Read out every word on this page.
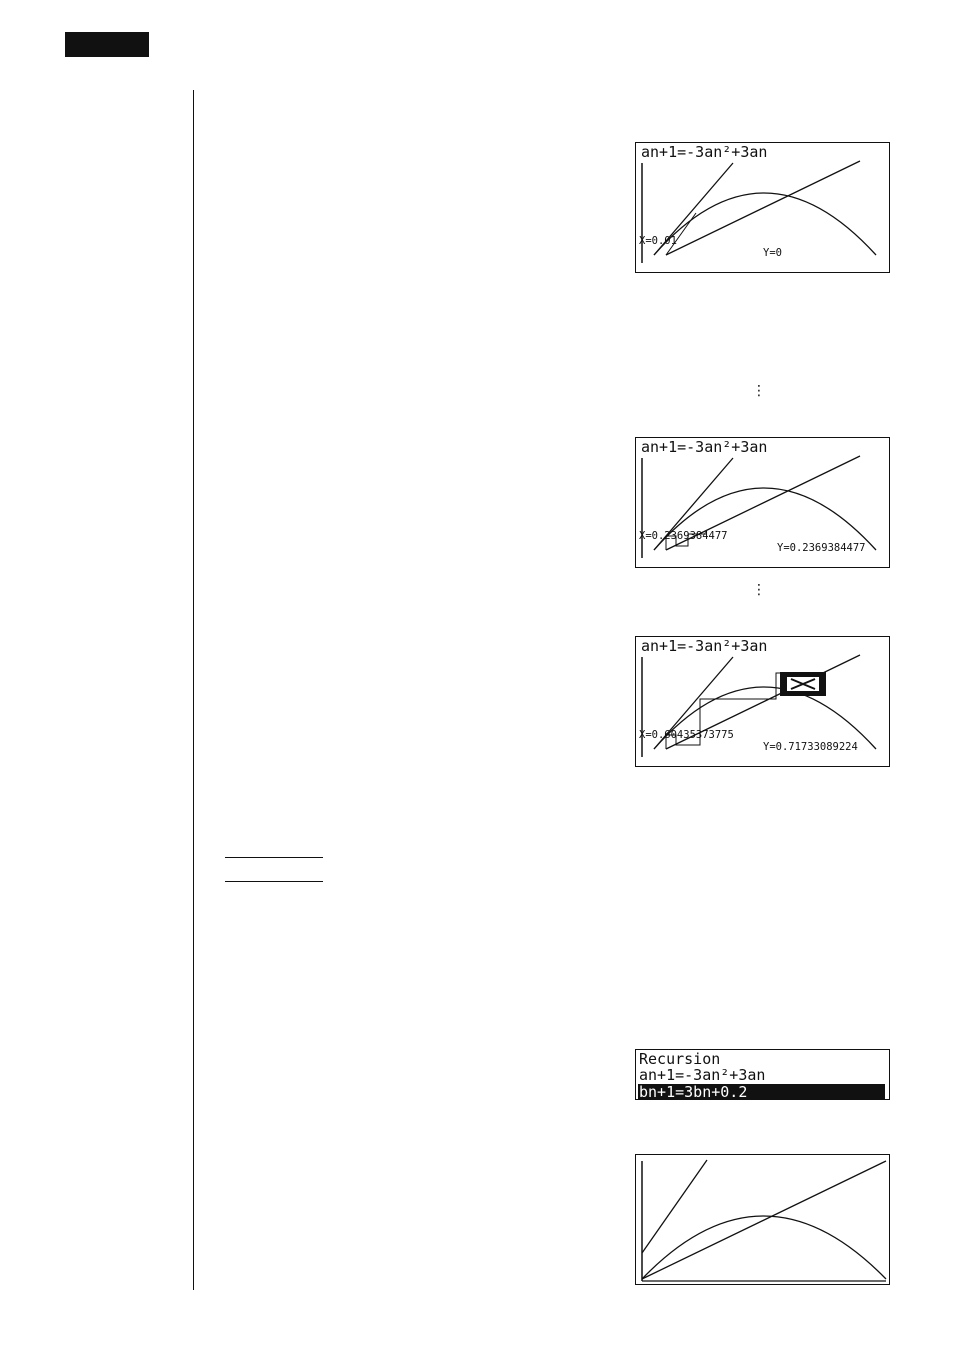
an+1=-3an²+3an

X=0.01

Y=0

⋮
an+1=-3an²+3an

X=0.2369384477

Y=0.2369384477

⋮
an+1=-3an²+3an

X=0.60435373775

Y=0.71733089224

Recursion
an+1=-3an²+3an
bn+1=3bn+0.2
